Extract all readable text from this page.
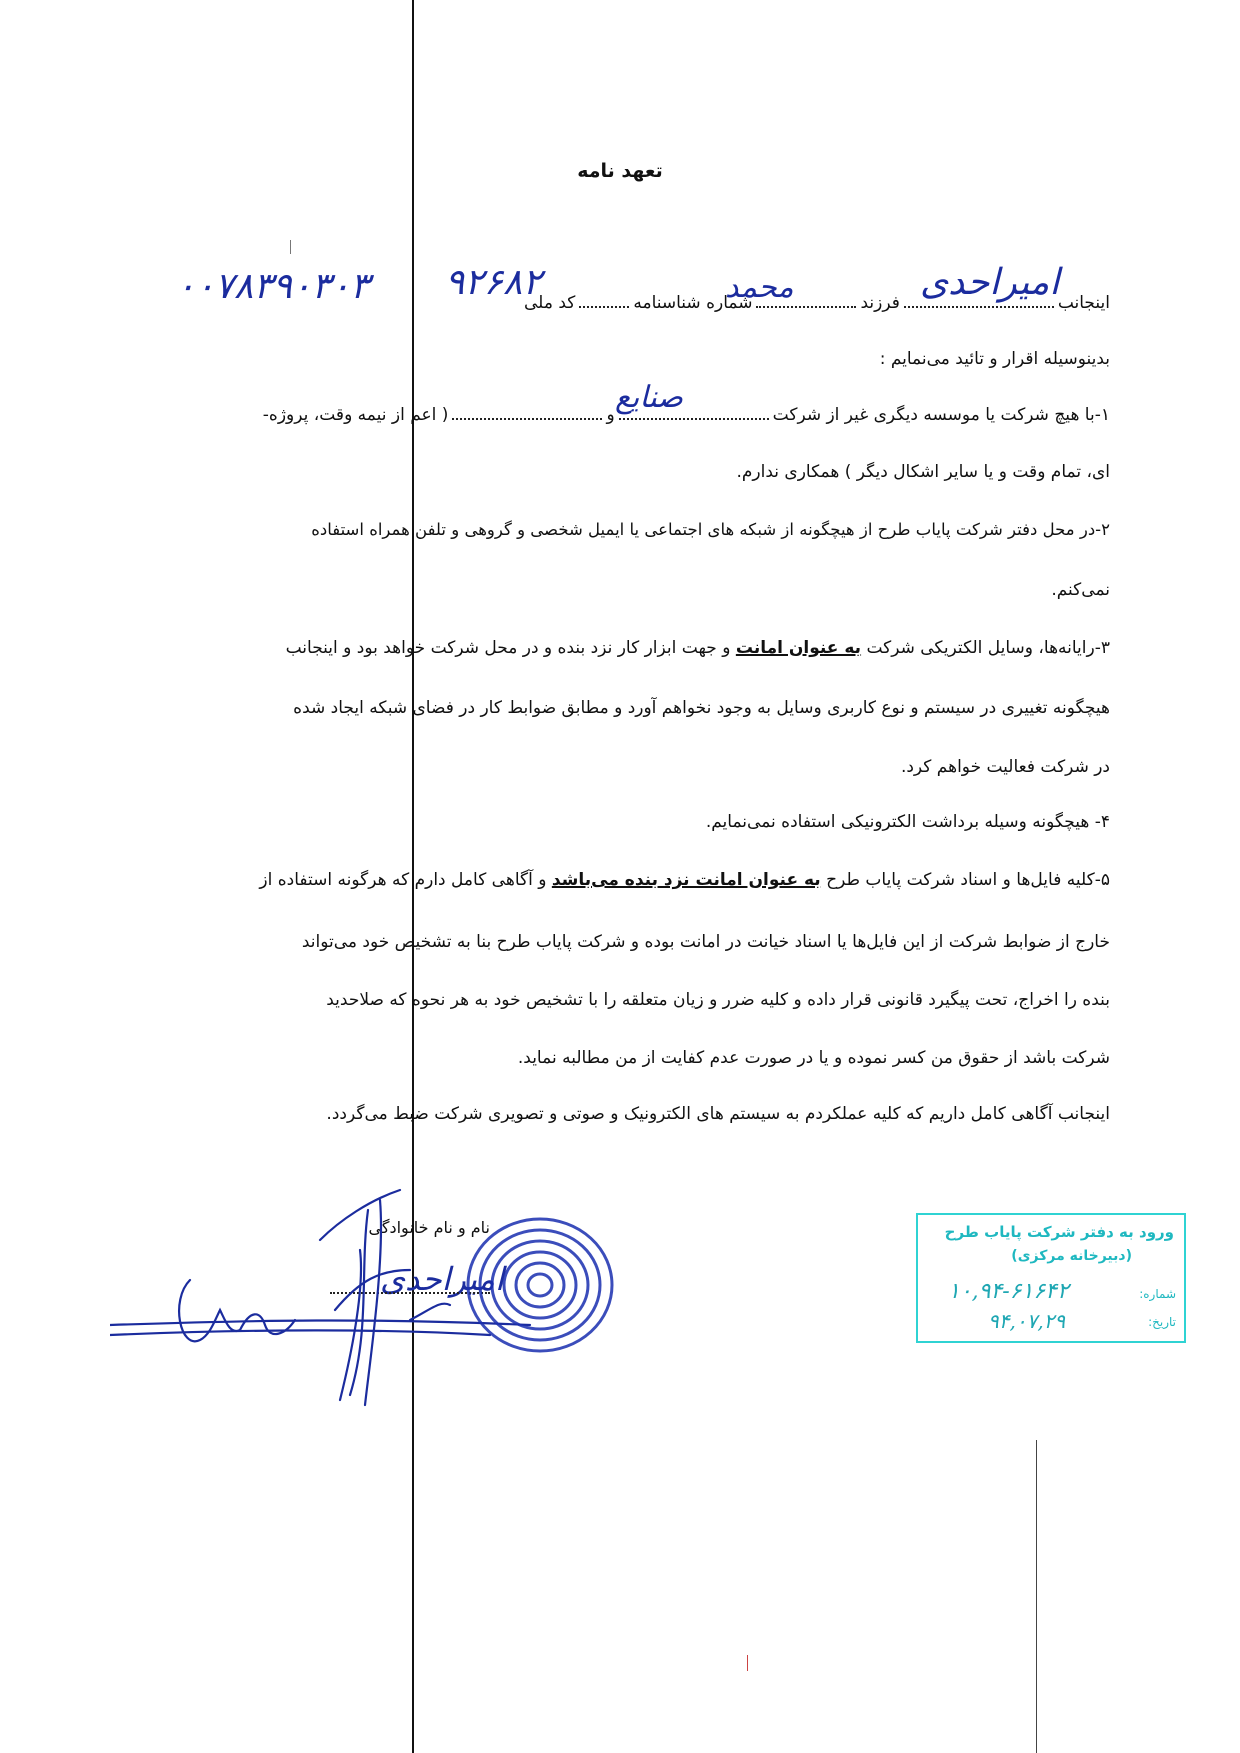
تعهد نامه
اینجانبفرزندشماره شناسنامهکد ملی	امیراحدی
محمد
۹۲۶۸۲
۰۰۷۸۳۹۰۳۰۳
بدینوسیله اقرار و تائید می‌نمایم :
۱-با هیچ شرکت یا موسسه دیگری غیر از شرکتو( اعم از نیمه وقت، پروژه-	صنایع
ای، تمام وقت و یا سایر اشکال دیگر ) همکاری ندارم.
۲-در محل دفتر شرکت پایاب طرح از هیچگونه از شبکه های اجتماعی یا ایمیل شخصی و گروهی و تلفن همراه استفاده
نمی‌کنم.
۳-رایانه‌ها، وسایل الکتریکی شرکت به عنوان امانت و جهت ابزار کار نزد بنده و در محل شرکت خواهد بود و اینجانب
هیچگونه تغییری در سیستم و نوع کاربری وسایل به وجود نخواهم آورد و مطابق ضوابط کار در فضای شبکه ایجاد شده
در شرکت فعالیت خواهم کرد.
۴- هیچگونه وسیله برداشت الکترونیکی استفاده نمی‌نمایم.
۵-کلیه فایل‌ها و اسناد شرکت پایاب طرح به عنوان امانت نزد بنده می‌باشد و آگاهی کامل دارم که هرگونه استفاده از
خارج از ضوابط شرکت از این فایل‌ها یا اسناد خیانت در امانت بوده و شرکت پایاب طرح بنا به تشخیص خود می‌تواند
بنده را اخراج، تحت پیگیرد قانونی قرار داده و کلیه ضرر و زیان متعلقه را با تشخیص خود به هر نحوه که صلاحدید
شرکت باشد از حقوق من کسر نموده و یا در صورت عدم کفایت از من مطالبه نماید.
اینجانب آگاهی کامل داریم که کلیه عملکردم به سیستم های الکترونیک و صوتی و تصویری شرکت ضبط می‌گردد.
نام و نام خانوادگی
امیراحدی
ورود به دفتر شرکت پایاب طرح
(دبیرخانه مرکزی)
شماره:
تاریخ:
۱۰,۹۴-۶۱۶۴۲
۹۴,۰۷,۲۹
